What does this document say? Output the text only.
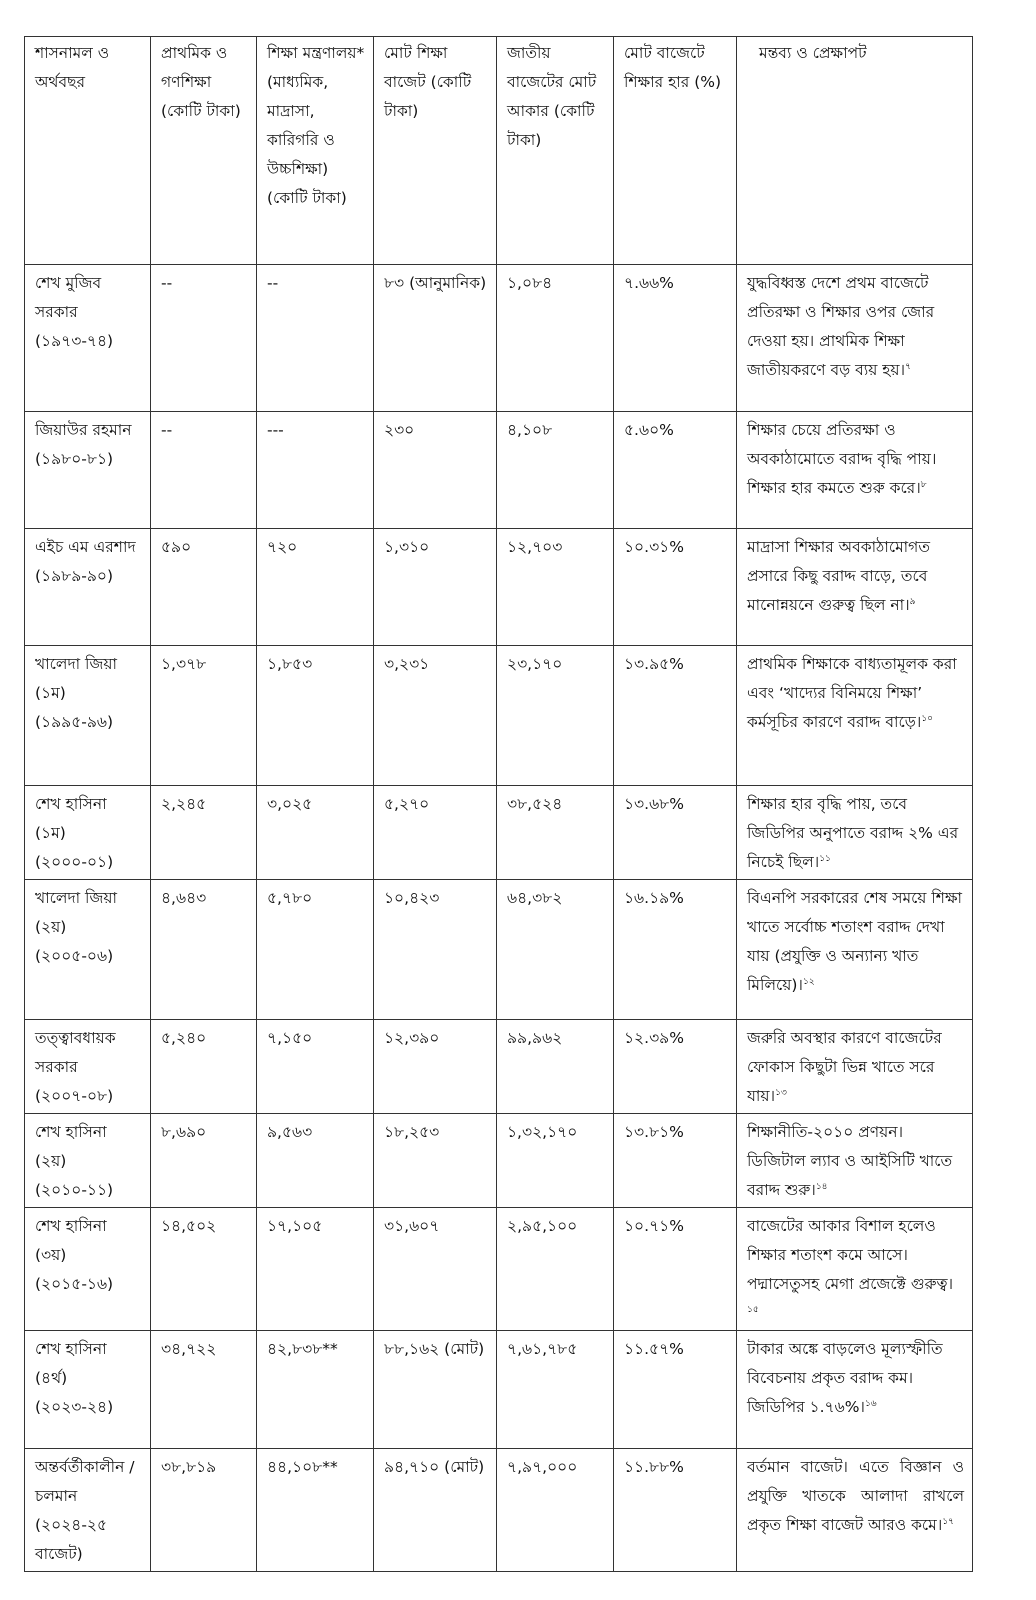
শাসনামল ও অর্থবছর	প্রাথমিক ও গণশিক্ষা (কোটি টাকা)	শিক্ষা মন্ত্রণালয়* (মাধ্যমিক, মাদ্রাসা, কারিগরি ও উচ্চশিক্ষা) (কোটি টাকা)	মোট শিক্ষা বাজেট (কোটি টাকা)	জাতীয় বাজেটের মোট আকার (কোটি টাকা)	মোট বাজেটে শিক্ষার হার (%)	মন্তব্য ও প্রেক্ষাপট
শেখ মুজিব সরকার (১৯৭৩-৭৪)	--	--	৮৩ (আনুমানিক)	১,০৮৪	৭.৬৬%	যুদ্ধবিধ্বস্ত দেশে প্রথম বাজেটে প্রতিরক্ষা ও শিক্ষার ওপর জোর দেওয়া হয়। প্রাথমিক শিক্ষা জাতীয়করণে বড় ব্যয় হয়।$^৭$
জিয়াউর রহমান (১৯৮০-৮১)	--	---	২৩০	৪,১০৮	৫.৬০%	শিক্ষার চেয়ে প্রতিরক্ষা ও অবকাঠামোতে বরাদ্দ বৃদ্ধি পায়। শিক্ষার হার কমতে শুরু করে।$^৮$
এইচ এম এরশাদ (১৯৮৯-৯০)	৫৯০	৭২০	১,৩১০	১২,৭০৩	১০.৩১%	মাদ্রাসা শিক্ষার অবকাঠামোগত প্রসারে কিছু বরাদ্দ বাড়ে, তবে মানোন্নয়নে গুরুত্ব ছিল না।$^৯$
খালেদা জিয়া (১ম) (১৯৯৫-৯৬)	১,৩৭৮	১,৮৫৩	৩,২৩১	২৩,১৭০	১৩.৯৫%	প্রাথমিক শিক্ষাকে বাধ্যতামূলক করা এবং ‘খাদ্যের বিনিময়ে শিক্ষা’ কর্মসূচির কারণে বরাদ্দ বাড়ে।$^{১০}$
শেখ হাসিনা (১ম) (২০০০-০১)	২,২৪৫	৩,০২৫	৫,২৭০	৩৮,৫২৪	১৩.৬৮%	শিক্ষার হার বৃদ্ধি পায়, তবে জিডিপির অনুপাতে বরাদ্দ ২% এর নিচেই ছিল।$^{১১}$
খালেদা জিয়া (২য়) (২০০৫-০৬)	৪,৬৪৩	৫,৭৮০	১০,৪২৩	৬৪,৩৮২	১৬.১৯%	বিএনপি সরকারের শেষ সময়ে শিক্ষা খাতে সর্বোচ্চ শতাংশ বরাদ্দ দেখা যায় (প্রযুক্তি ও অন্যান্য খাত মিলিয়ে)।$^{১২}$
তত্ত্বাবধায়ক সরকার (২০০৭-০৮)	৫,২৪০	৭,১৫০	১২,৩৯০	৯৯,৯৬২	১২.৩৯%	জরুরি অবস্থার কারণে বাজেটের ফোকাস কিছুটা ভিন্ন খাতে সরে যায়।$^{১৩}$
শেখ হাসিনা (২য়) (২০১০-১১)	৮,৬৯০	৯,৫৬৩	১৮,২৫৩	১,৩২,১৭০	১৩.৮১%	শিক্ষানীতি-২০১০ প্রণয়ন। ডিজিটাল ল্যাব ও আইসিটি খাতে বরাদ্দ শুরু।$^{১৪}$
শেখ হাসিনা (৩য়) (২০১৫-১৬)	১৪,৫০২	১৭,১০৫	৩১,৬০৭	২,৯৫,১০০	১০.৭১%	বাজেটের আকার বিশাল হলেও শিক্ষার শতাংশ কমে আসে। পদ্মাসেতুসহ মেগা প্রজেক্টে গুরুত্ব।$^{১৫}$
শেখ হাসিনা (৪র্থ)(২০২৩-২৪)	৩৪,৭২২	৪২,৮৩৮**	৮৮,১৬২ (মোট)	৭,৬১,৭৮৫	১১.৫৭%	টাকার অঙ্কে বাড়লেও মূল্যস্ফীতি বিবেচনায় প্রকৃত বরাদ্দ কম। জিডিপির ১.৭৬%।$^{১৬}$
অন্তর্বর্তীকালীন /চলমান (২০২৪-২৫ বাজেট)	৩৮,৮১৯	৪৪,১০৮**	৯৪,৭১০ (মোট)	৭,৯৭,০০০	১১.৮৮%	বর্তমান বাজেট। এতে বিজ্ঞান ও প্রযুক্তি খাতকে আলাদা রাখলে প্রকৃত শিক্ষা বাজেট আরও কমে।$^{১৭}$
